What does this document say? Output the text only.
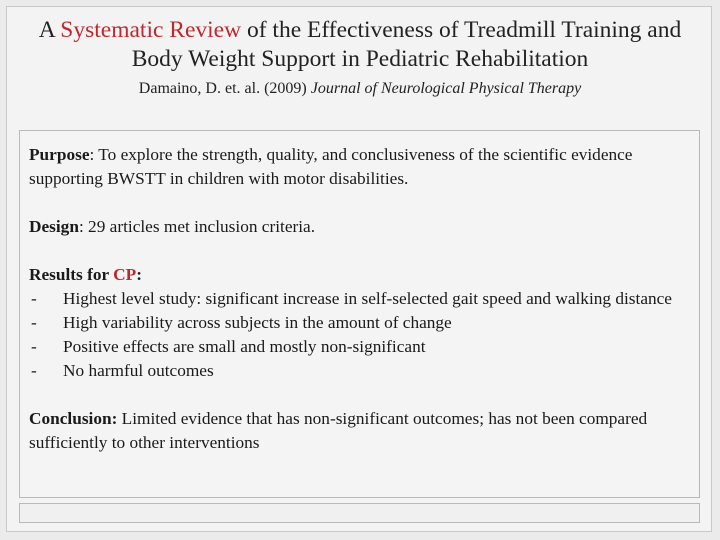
A Systematic Review of the Effectiveness of Treadmill Training and Body Weight Support in Pediatric Rehabilitation
Damaino, D. et. al. (2009) Journal of Neurological Physical Therapy

Purpose: To explore the strength, quality, and conclusiveness of the scientific evidence supporting BWSTT in children with motor disabilities.

Design: 29 articles met inclusion criteria.

Results for CP:
- Highest level study: significant increase in self-selected gait speed and walking distance
- High variability across subjects in the amount of change
- Positive effects are small and mostly non-significant
- No harmful outcomes

Conclusion: Limited evidence that has non-significant outcomes; has not been compared sufficiently to other interventions
